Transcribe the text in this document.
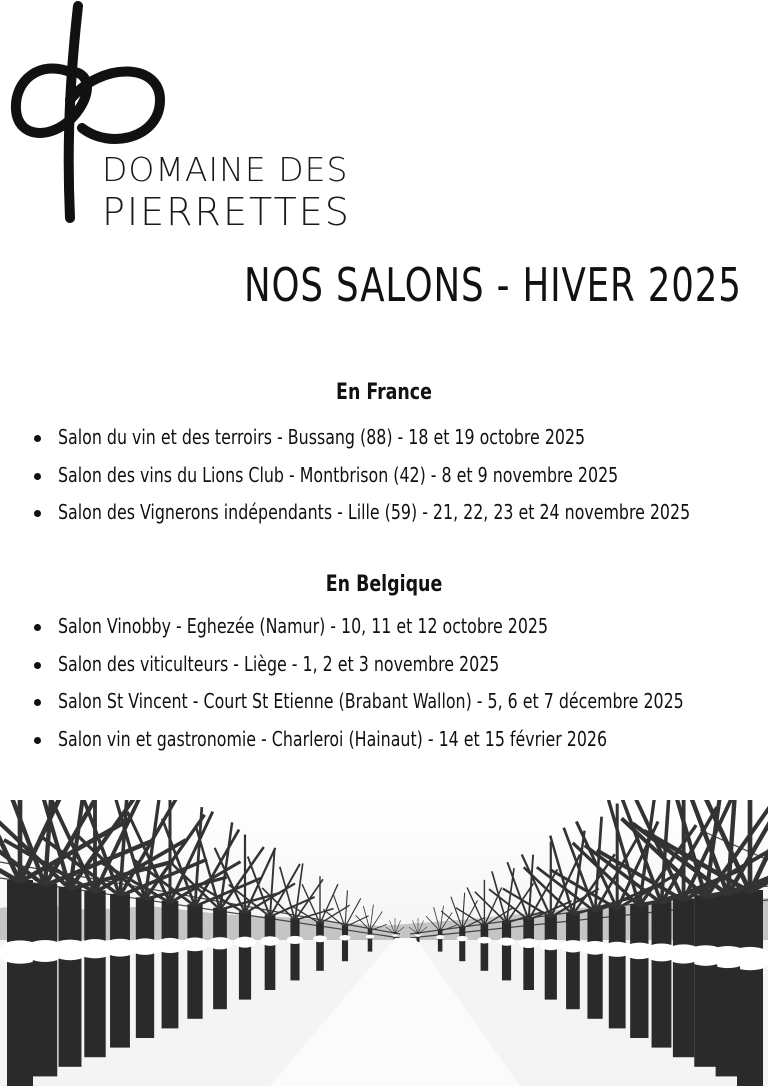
DOMAINE DES
PIERRETTES
NOS SALONS - HIVER 2025
En France
Salon du vin et des terroirs - Bussang (88) - 18 et 19 octobre 2025
Salon des vins du Lions Club - Montbrison (42) - 8 et 9 novembre 2025
Salon des Vignerons indépendants - Lille (59) - 21, 22, 23 et 24 novembre 2025
En Belgique
Salon Vinobby - Eghezée (Namur) - 10, 11 et 12 octobre 2025
Salon des viticulteurs - Liège - 1, 2 et 3 novembre 2025
Salon St Vincent - Court St Etienne (Brabant Wallon) - 5, 6 et 7 décembre 2025
Salon vin et gastronomie - Charleroi (Hainaut) - 14 et 15 février 2026
